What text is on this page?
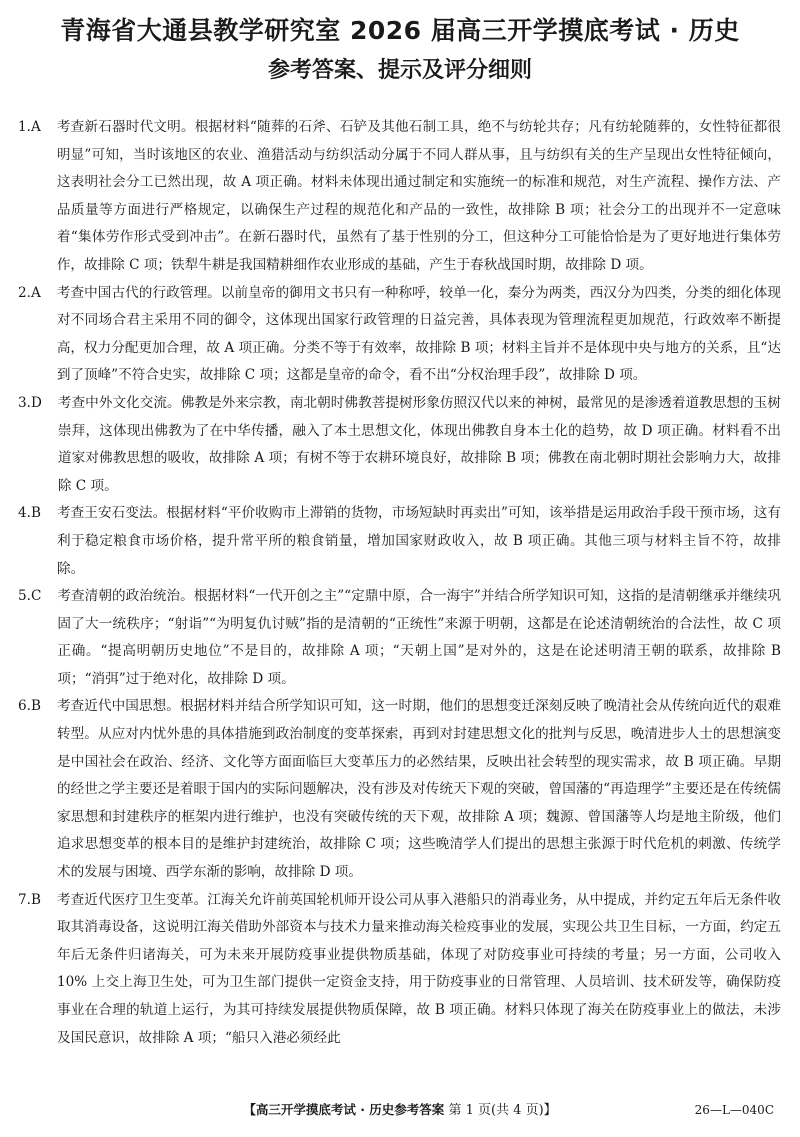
青海省大通县教学研究室 2026 届高三开学摸底考试 · 历史
参考答案、提示及评分细则
1.A	考查新石器时代文明。根据材料“随葬的石斧、石铲及其他石制工具，绝不与纺轮共存；凡有纺轮随葬的，女性特征都很明显”可知，当时该地区的农业、渔猎活动与纺织活动分属于不同人群从事，且与纺织有关的生产呈现出女性特征倾向，这表明社会分工已然出现，故 A 项正确。材料未体现出通过制定和实施统一的标准和规范，对生产流程、操作方法、产品质量等方面进行严格规定，以确保生产过程的规范化和产品的一致性，故排除 B 项；社会分工的出现并不一定意味着“集体劳作形式受到冲击”。在新石器时代，虽然有了基于性别的分工，但这种分工可能恰恰是为了更好地进行集体劳作，故排除 C 项；铁犁牛耕是我国精耕细作农业形成的基础，产生于春秋战国时期，故排除 D 项。
2.A	考查中国古代的行政管理。以前皇帝的御用文书只有一种称呼，较单一化，秦分为两类，西汉分为四类，分类的细化体现对不同场合君主采用不同的御令，这体现出国家行政管理的日益完善，具体表现为管理流程更加规范，行政效率不断提高，权力分配更加合理，故 A 项正确。分类不等于有效率，故排除 B 项；材料主旨并不是体现中央与地方的关系，且“达到了顶峰”不符合史实，故排除 C 项；这都是皇帝的命令，看不出“分权治理手段”，故排除 D 项。
3.D	考查中外文化交流。佛教是外来宗教，南北朝时佛教菩提树形象仿照汉代以来的神树，最常见的是渗透着道教思想的玉树崇拜，这体现出佛教为了在中华传播，融入了本土思想文化，体现出佛教自身本土化的趋势，故 D 项正确。材料看不出道家对佛教思想的吸收，故排除 A 项；有树不等于农耕环境良好，故排除 B 项；佛教在南北朝时期社会影响力大，故排除 C 项。
4.B	考查王安石变法。根据材料“平价收购市上滞销的货物，市场短缺时再卖出”可知，该举措是运用政治手段干预市场，这有利于稳定粮食市场价格，提升常平所的粮食销量，增加国家财政收入，故 B 项正确。其他三项与材料主旨不符，故排除。
5.C	考查清朝的政治统治。根据材料“一代开创之主”“定鼎中原，合一海宇”并结合所学知识可知，这指的是清朝继承并继续巩固了大一统秩序；“射诣”“为明复仇讨贼”指的是清朝的“正统性”来源于明朝，这都是在论述清朝统治的合法性，故 C 项正确。“提高明朝历史地位”不是目的，故排除 A 项；“天朝上国”是对外的，这是在论述明清王朝的联系，故排除 B 项；“消弭”过于绝对化，故排除 D 项。
6.B	考查近代中国思想。根据材料并结合所学知识可知，这一时期，他们的思想变迁深刻反映了晚清社会从传统向近代的艰难转型。从应对内忧外患的具体措施到政治制度的变革探索，再到对封建思想文化的批判与反思，晚清进步人士的思想演变是中国社会在政治、经济、文化等方面面临巨大变革压力的必然结果，反映出社会转型的现实需求，故 B 项正确。早期的经世之学主要还是着眼于国内的实际问题解决，没有涉及对传统天下观的突破，曾国藩的“再造理学”主要还是在传统儒家思想和封建秩序的框架内进行维护，也没有突破传统的天下观，故排除 A 项；魏源、曾国藩等人均是地主阶级，他们追求思想变革的根本目的是维护封建统治，故排除 C 项；这些晚清学人们提出的思想主张源于时代危机的刺激、传统学术的发展与困境、西学东渐的影响，故排除 D 项。
7.B	考查近代医疗卫生变革。江海关允许前英国轮机师开设公司从事入港船只的消毒业务，从中提成，并约定五年后无条件收取其消毒设备，这说明江海关借助外部资本与技术力量来推动海关检疫事业的发展，实现公共卫生目标，一方面，约定五年后无条件归诸海关，可为未来开展防疫事业提供物质基础，体现了对防疫事业可持续的考量；另一方面，公司收入 10% 上交上海卫生处，可为卫生部门提供一定资金支持，用于防疫事业的日常管理、人员培训、技术研发等，确保防疫事业在合理的轨道上运行，为其可持续发展提供物质保障，故 B 项正确。材料只体现了海关在防疫事业上的做法，未涉及国民意识，故排除 A 项；“船只入港必须经此
【高三开学摸底考试 · 历史参考答案 第 1 页(共 4 页)】	26—L—040C
